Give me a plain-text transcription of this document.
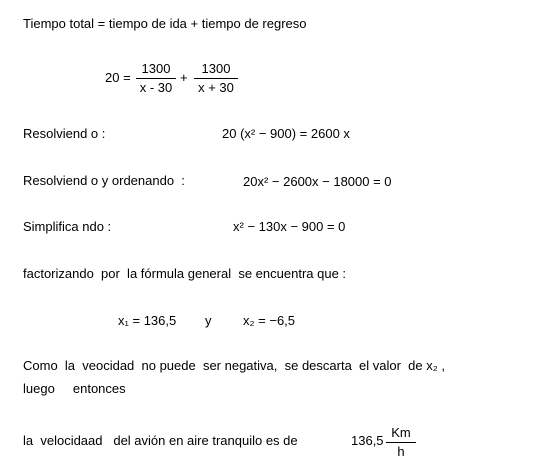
Tiempo total = tiempo de ida + tiempo de regreso
20 =
1300
x - 30
+
1300
x + 30
Resolviend o :	20 (x² − 900) = 2600 x
Resolviend o y ordenando  :	20x² − 2600x − 18000 = 0
Simplifica ndo :	x² − 130x − 900 = 0
factorizando  por  la fórmula general  se encuentra que :
x₁ = 136,5 y x₂ = −6,5
Como  la  veocidad  no puede  ser negativa,  se descarta  el valor  de x₂ ,
luego     entonces
la  velocidaad   del avión en aire tranquilo es de	136,5
Km
h
